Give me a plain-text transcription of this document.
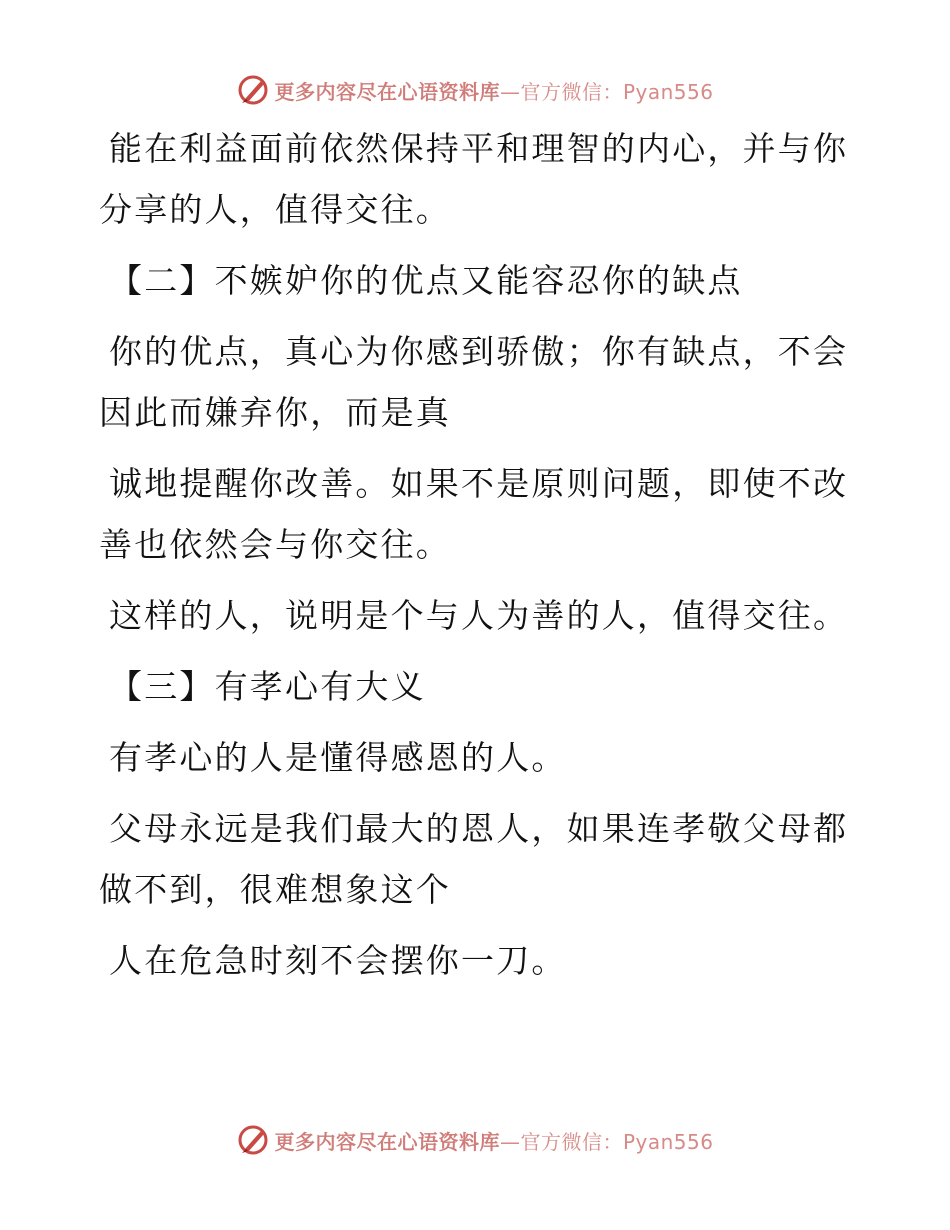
更多内容尽在心语资料库—官方微信：Pyan556
能在利益面前依然保持平和理智的内心，并与你
分享的人，值得交往。
【二】不嫉妒你的优点又能容忍你的缺点
你的优点，真心为你感到骄傲；你有缺点，不会
因此而嫌弃你，而是真
诚地提醒你改善。如果不是原则问题，即使不改
善也依然会与你交往。
这样的人，说明是个与人为善的人，值得交往。
【三】有孝心有大义
有孝心的人是懂得感恩的人。
父母永远是我们最大的恩人，如果连孝敬父母都
做不到，很难想象这个
人在危急时刻不会摆你一刀。
更多内容尽在心语资料库—官方微信：Pyan556
